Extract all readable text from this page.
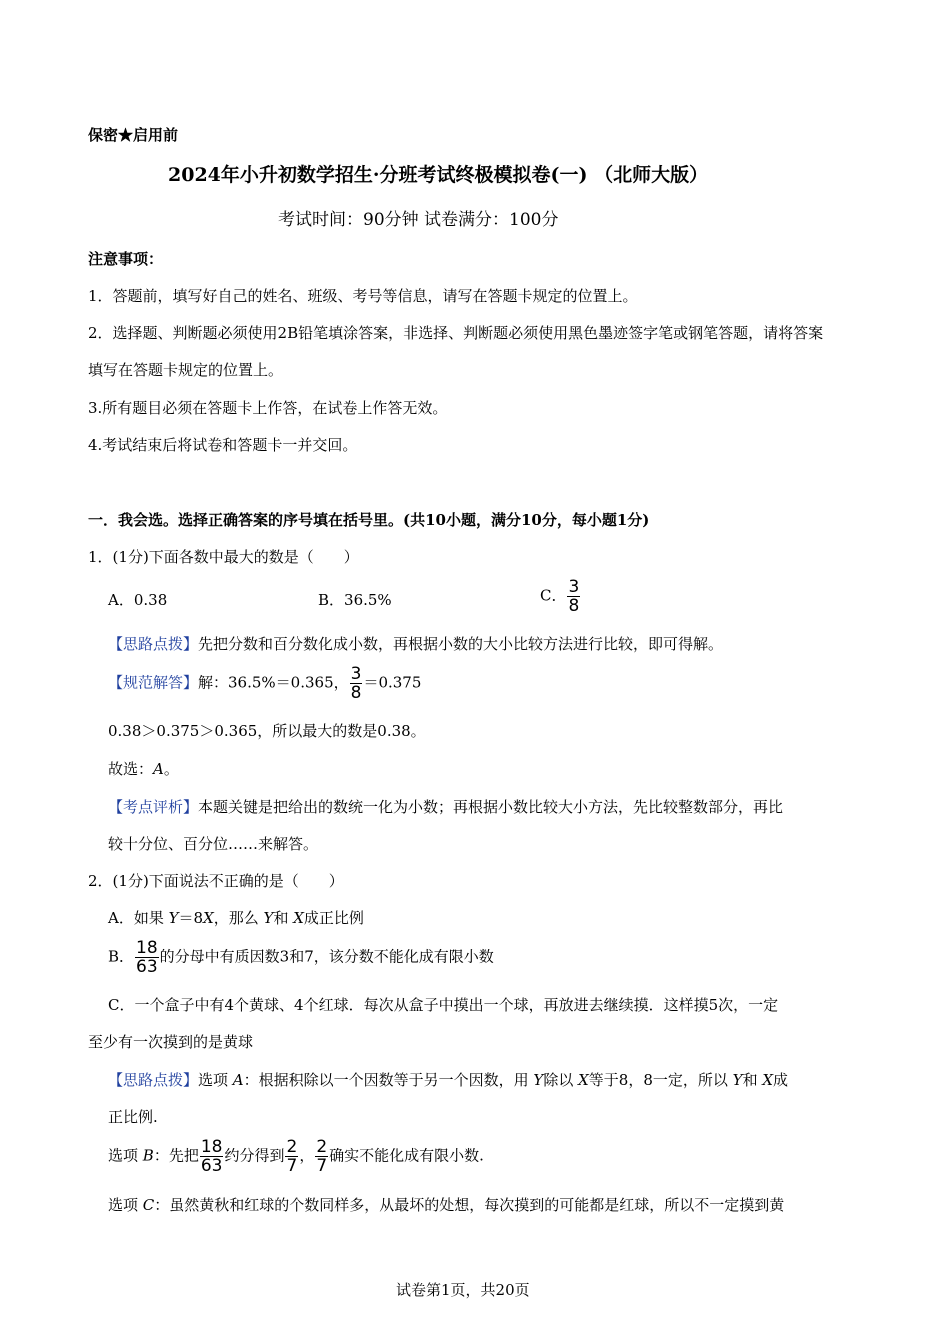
保密★启用前
2024年小升初数学招生·分班考试终极模拟卷(一) （北师大版）
考试时间：90分钟 试卷满分：100分
注意事项：
1．答题前，填写好自己的姓名、班级、考号等信息，请写在答题卡规定的位置上。
2．选择题、判断题必须使用2B铅笔填涂答案，非选择、判断题必须使用黑色墨迹签字笔或钢笔答题，请将答案
填写在答题卡规定的位置上。
3.所有题目必须在答题卡上作答，在试卷上作答无效。
4.考试结束后将试卷和答题卡一并交回。
一．我会选。选择正确答案的序号填在括号里。(共10小题，满分10分，每小题1分)
1．(1分)下面各数中最大的数是（　　）
A．0.38	B．36.5%	C． $\frac{3}{8}$
【思路点拨】先把分数和百分数化成小数，再根据小数的大小比较方法进行比较，即可得解。
【规范解答】解：36.5%＝0.365， $\frac{3}{8} =0.375$
0.38＞0.375＞0.365，所以最大的数是0.38。
故选：A。
【考点评析】本题关键是把给出的数统一化为小数；再根据小数比较大小方法，先比较整数部分，再比
较十分位、百分位……来解答。
2．(1分)下面说法不正确的是（　　）
A．如果 Y＝8X，那么 Y和 X成正比例
B． $\frac{18}{63}$ 的分母中有质因数3和7，该分数不能化成有限小数
C．一个盒子中有4个黄球、4个红球．每次从盒子中摸出一个球，再放进去继续摸．这样摸5次，一定
至少有一次摸到的是黄球
【思路点拨】选项 A：根据积除以一个因数等于另一个因数，用 Y除以 X等于8，8一定，所以 Y和 X成
正比例.
选项 B：先把 $\frac{18}{63}$ 约分得到 $\frac{2}{7}$ ， $\frac{2}{7}$ 确实不能化成有限小数.
选项 C：虽然黄秋和红球的个数同样多，从最坏的处想，每次摸到的可能都是红球，所以不一定摸到黄
试卷第1页，共20页
